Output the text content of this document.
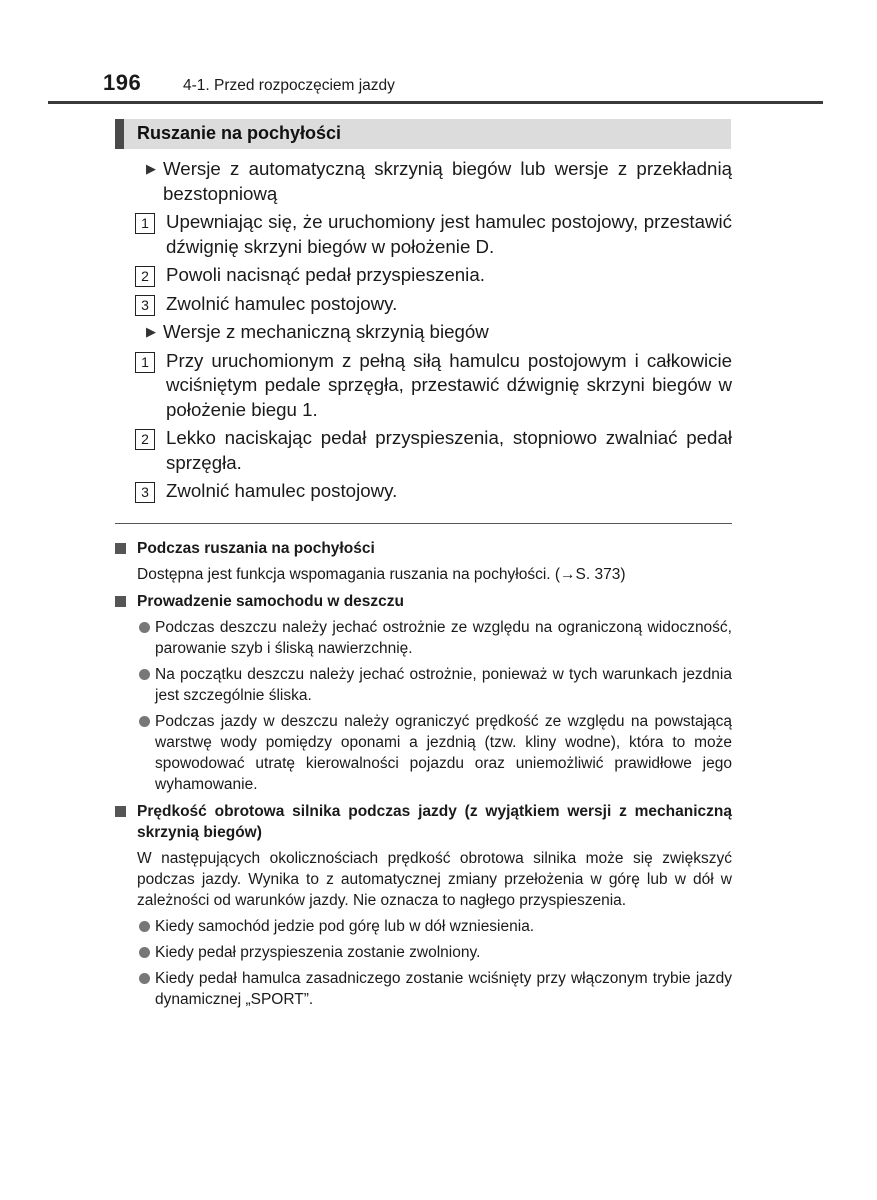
196	4-1. Przed rozpoczęciem jazdy
Ruszanie na pochyłości
▶ Wersje z automatyczną skrzynią biegów lub wersje z przekładnią bezstopniową
1 Upewniając się, że uruchomiony jest hamulec postojowy, przestawić dźwignię skrzyni biegów w położenie D.
2 Powoli nacisnąć pedał przyspieszenia.
3 Zwolnić hamulec postojowy.
▶ Wersje z mechaniczną skrzynią biegów
1 Przy uruchomionym z pełną siłą hamulcu postojowym i całkowicie wciśniętym pedale sprzęgła, przestawić dźwignię skrzyni biegów w położenie biegu 1.
2 Lekko naciskając pedał przyspieszenia, stopniowo zwalniać pedał sprzęgła.
3 Zwolnić hamulec postojowy.
Podczas ruszania na pochyłości
Dostępna jest funkcja wspomagania ruszania na pochyłości. (→S. 373)
Prowadzenie samochodu w deszczu
Podczas deszczu należy jechać ostrożnie ze względu na ograniczoną widoczność, parowanie szyb i śliską nawierzchnię.
Na początku deszczu należy jechać ostrożnie, ponieważ w tych warunkach jezdnia jest szczególnie śliska.
Podczas jazdy w deszczu należy ograniczyć prędkość ze względu na powstającą warstwę wody pomiędzy oponami a jezdnią (tzw. kliny wodne), która to może spowodować utratę kierowalności pojazdu oraz uniemożliwić prawidłowe jego wyhamowanie.
Prędkość obrotowa silnika podczas jazdy (z wyjątkiem wersji z mechaniczną skrzynią biegów)
W następujących okolicznościach prędkość obrotowa silnika może się zwiększyć podczas jazdy. Wynika to z automatycznej zmiany przełożenia w górę lub w dół w zależności od warunków jazdy. Nie oznacza to nagłego przyspieszenia.
Kiedy samochód jedzie pod górę lub w dół wzniesienia.
Kiedy pedał przyspieszenia zostanie zwolniony.
Kiedy pedał hamulca zasadniczego zostanie wciśnięty przy włączonym trybie jazdy dynamicznej „SPORT”.
